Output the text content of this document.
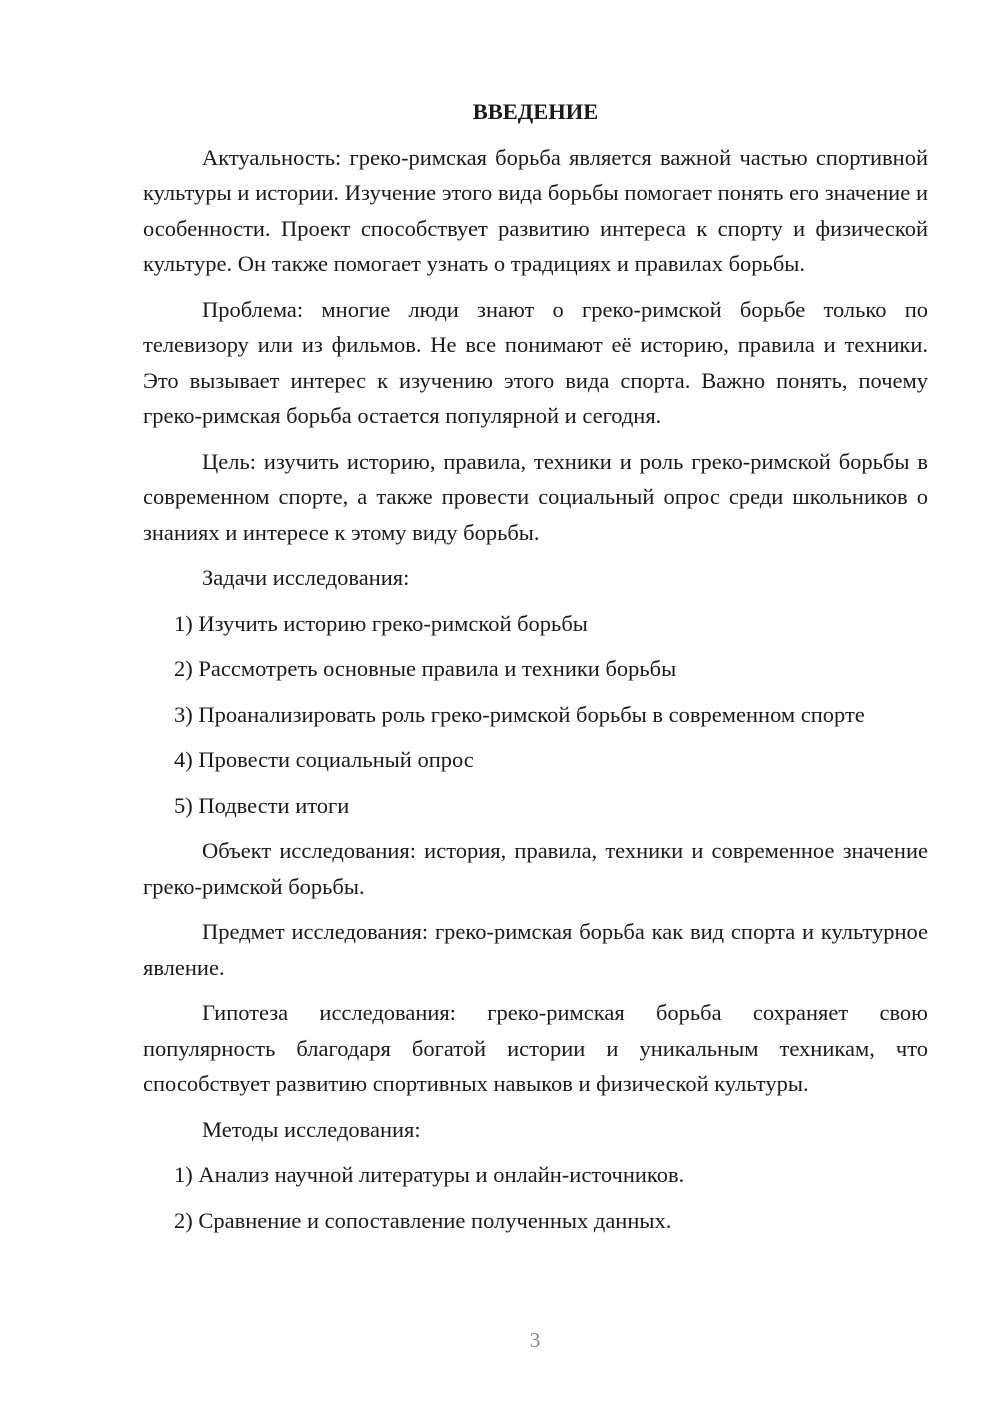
ВВЕДЕНИЕ
Актуальность: греко-римская борьба является важной частью спортивной культуры и истории. Изучение этого вида борьбы помогает понять его значение и особенности. Проект способствует развитию интереса к спорту и физической культуре. Он также помогает узнать о традициях и правилах борьбы.
Проблема: многие люди знают о греко-римской борьбе только по телевизору или из фильмов. Не все понимают её историю, правила и техники. Это вызывает интерес к изучению этого вида спорта. Важно понять, почему греко-римская борьба остается популярной и сегодня.
Цель: изучить историю, правила, техники и роль греко-римской борьбы в современном спорте, а также провести социальный опрос среди школьников о знаниях и интересе к этому виду борьбы.
Задачи исследования:
1) Изучить историю греко-римской борьбы
2) Рассмотреть основные правила и техники борьбы
3) Проанализировать роль греко-римской борьбы в современном спорте
4) Провести социальный опрос
5) Подвести итоги
Объект исследования: история, правила, техники и современное значение греко-римской борьбы.
Предмет исследования: греко-римская борьба как вид спорта и культурное явление.
Гипотеза исследования: греко-римская борьба сохраняет свою популярность благодаря богатой истории и уникальным техникам, что способствует развитию спортивных навыков и физической культуры.
Методы исследования:
1) Анализ научной литературы и онлайн-источников.
2) Сравнение и сопоставление полученных данных.
3
